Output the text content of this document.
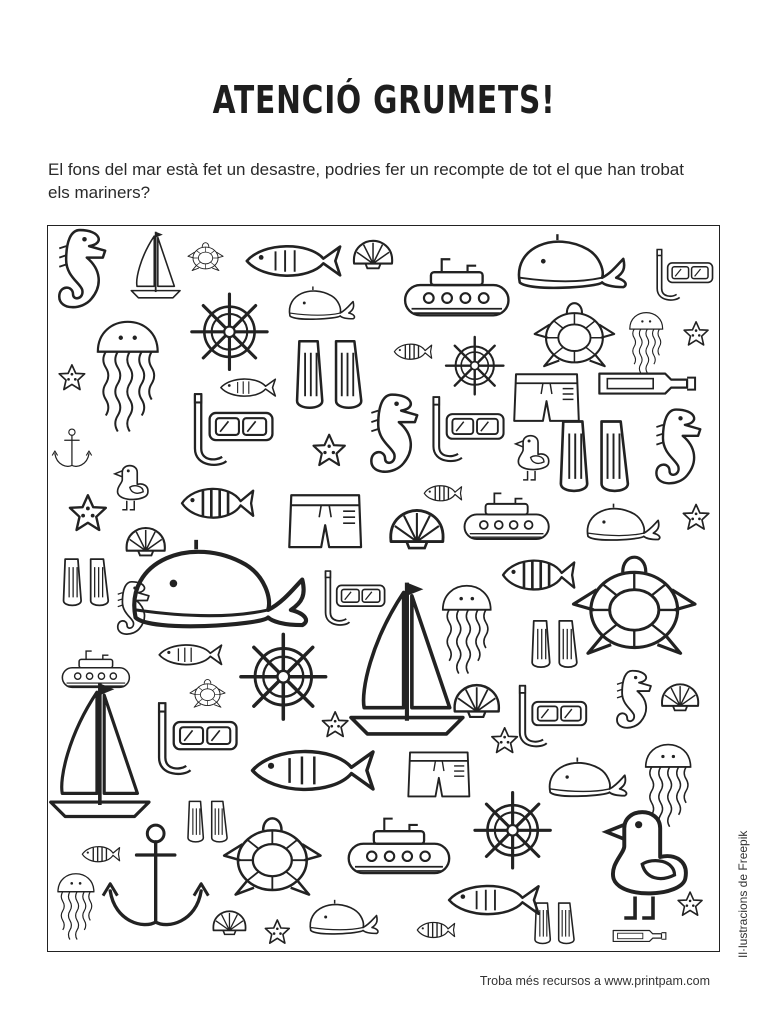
ATENCIÓ GRUMETS!
El fons del mar està fet un desastre, podries fer un recompte de tot el que han trobat els mariners?
Il·lustracions de Freepik
Troba més recursos a www.printpam.com
